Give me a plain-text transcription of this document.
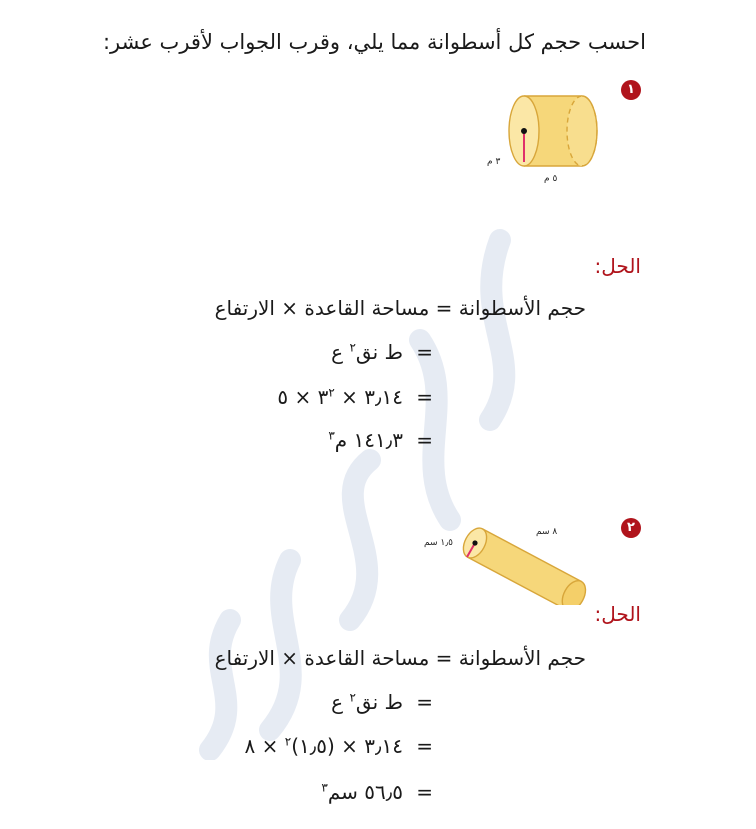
احسب حجم كل أسطوانة مما يلي، وقرب الجواب لأقرب عشر:
١
٣ م
٥ م
الحل:
حجم الأسطوانة = مساحة القاعدة × الارتفاع
=
ط نق$^٢$ ع
=
٣٫١٤ × $٣^٢$ × ٥
=
١٤١٫٣ م$^٣$
٢
١٫٥ سم
٨ سم
الحل:
حجم الأسطوانة = مساحة القاعدة × الارتفاع
=
ط نق$^٢$ ع
=
٣٫١٤ × (١٫٥)$^٢$ × ٨
=
٥٦٫٥ سم$^٣$
